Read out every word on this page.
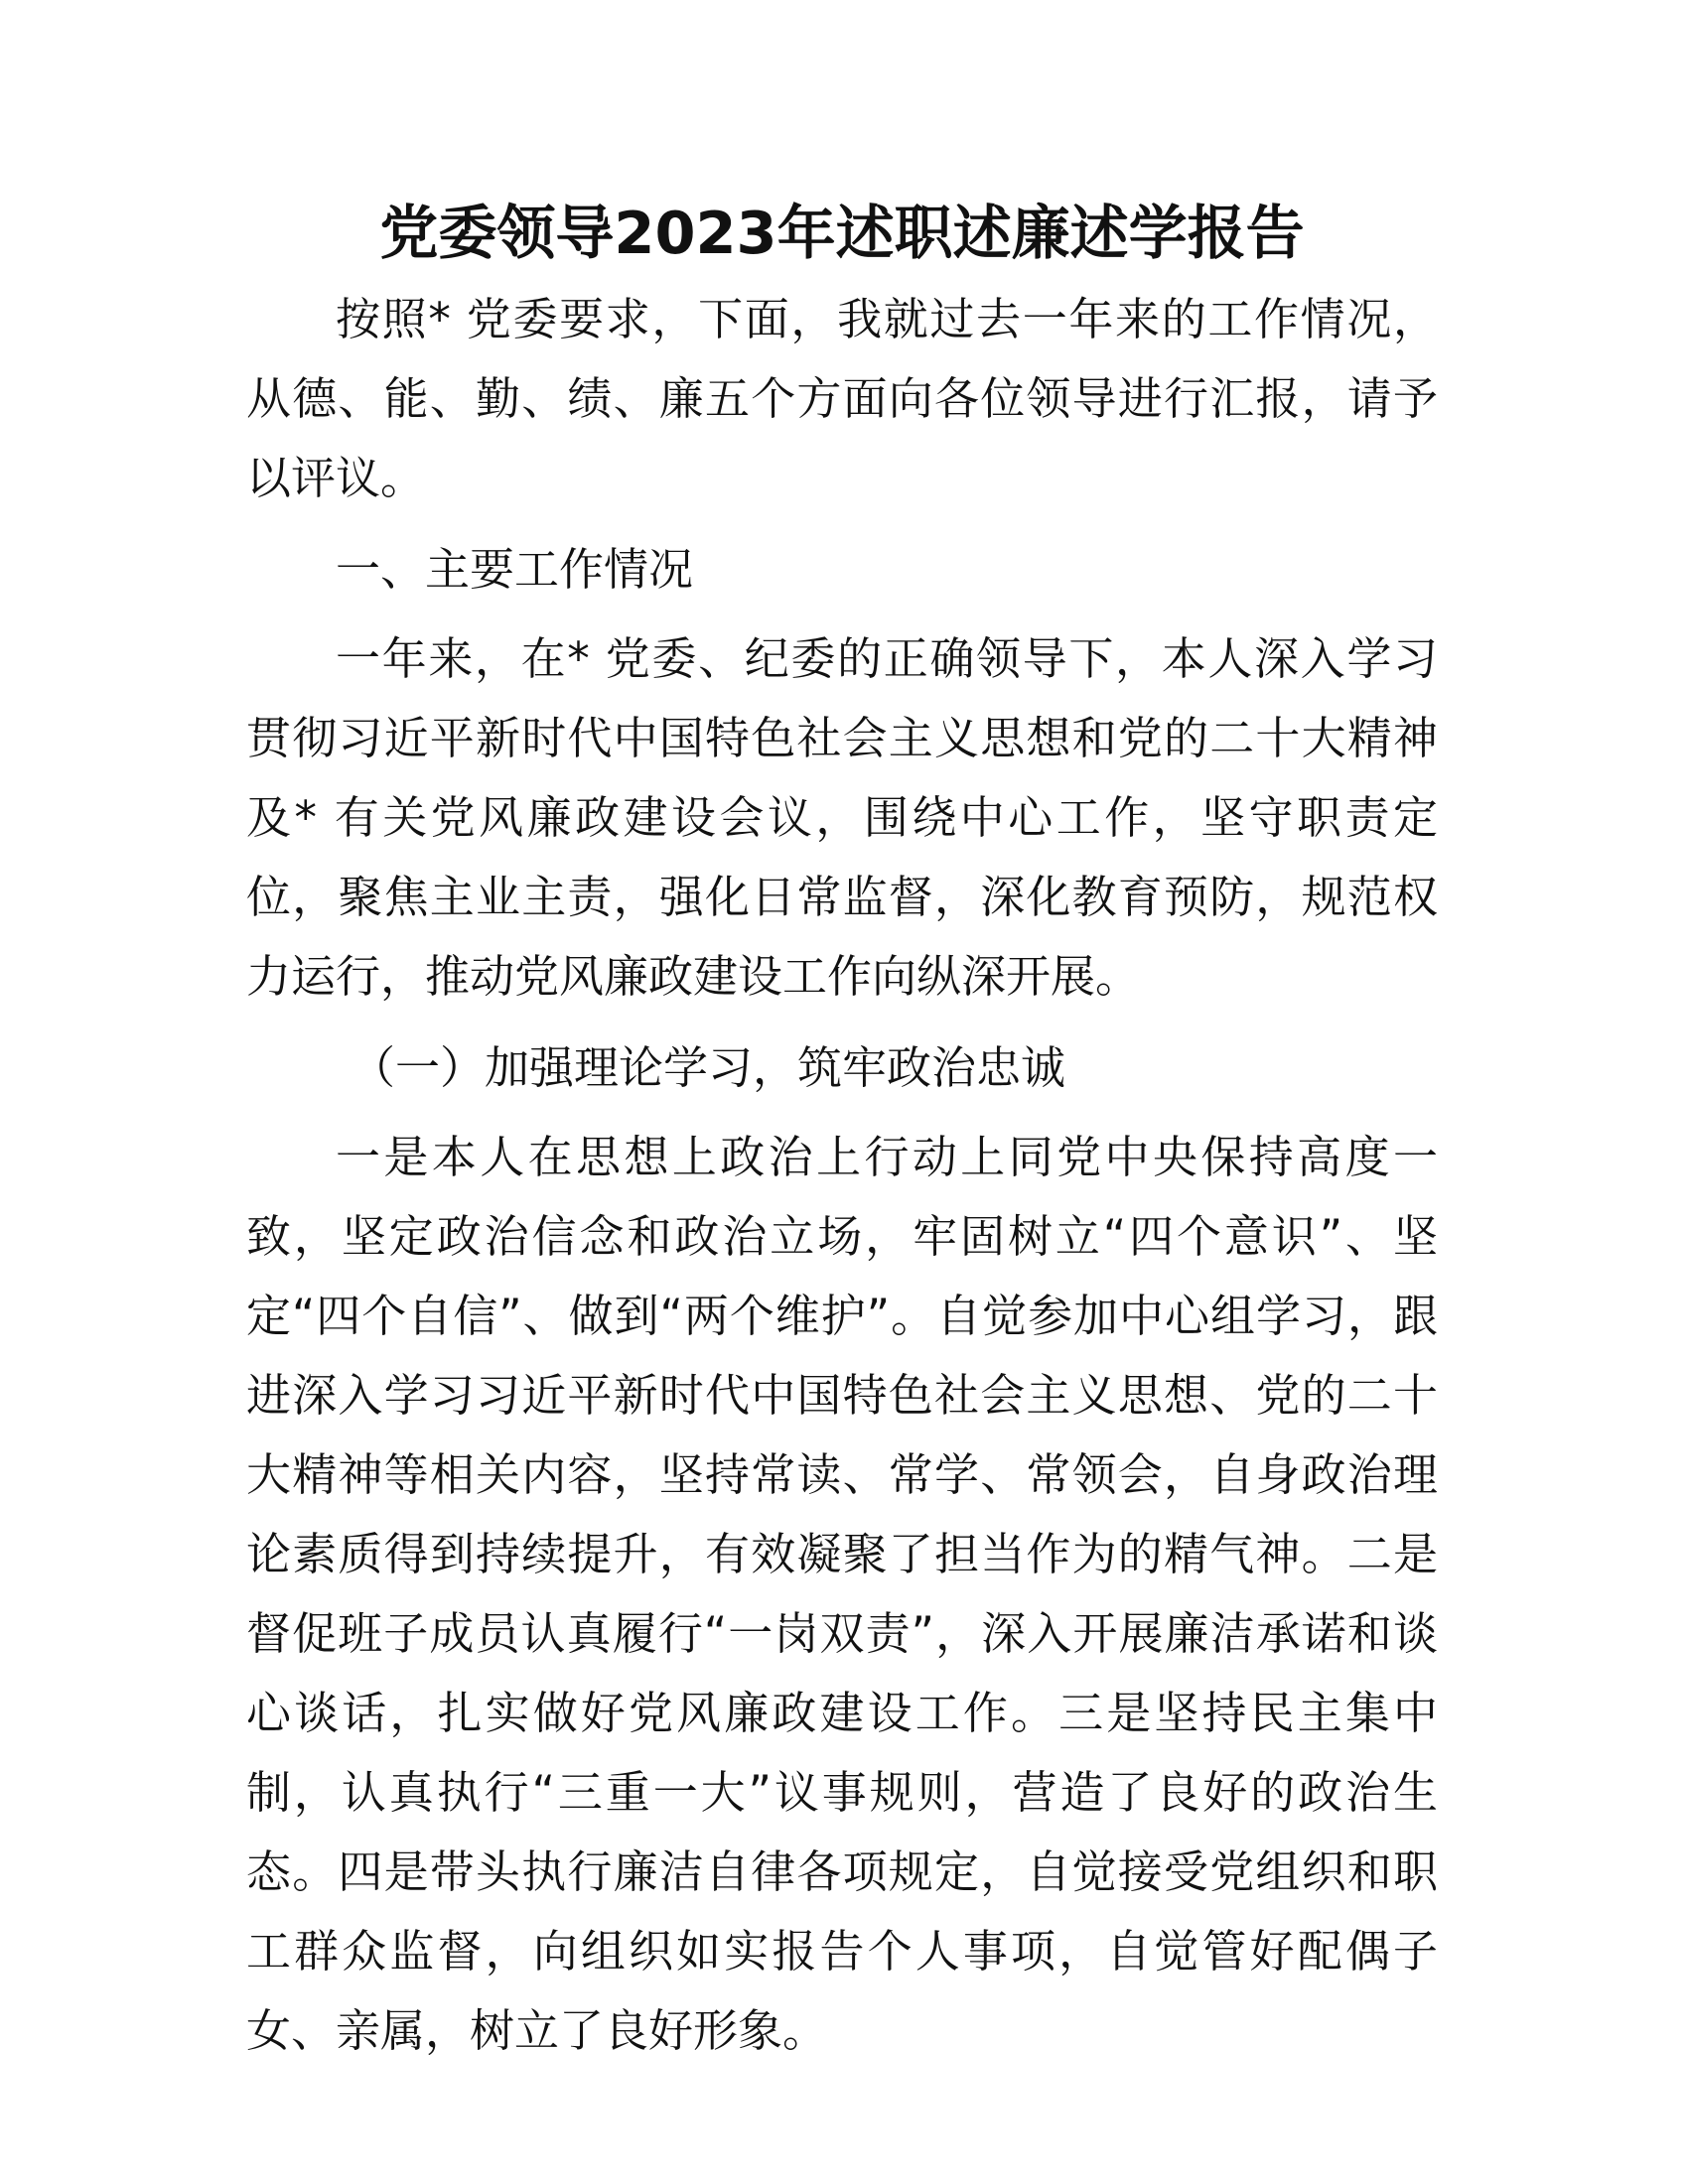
党委领导2023年述职述廉述学报告

按照* 党委要求，下面，我就过去一年来的工作情况，从德、能、勤、绩、廉五个方面向各位领导进行汇报，请予以评议。

一、主要工作情况

一年来，在* 党委、纪委的正确领导下，本人深入学习贯彻习近平新时代中国特色社会主义思想和党的二十大精神及* 有关党风廉政建设会议，围绕中心工作，坚守职责定位，聚焦主业主责，强化日常监督，深化教育预防，规范权力运行，推动党风廉政建设工作向纵深开展。

（一）加强理论学习，筑牢政治忠诚

一是本人在思想上政治上行动上同党中央保持高度一致，坚定政治信念和政治立场，牢固树立“四个意识”、坚定“四个自信”、做到“两个维护”。自觉参加中心组学习，跟进深入学习习近平新时代中国特色社会主义思想、党的二十大精神等相关内容，坚持常读、常学、常领会，自身政治理论素质得到持续提升，有效凝聚了担当作为的精气神。二是督促班子成员认真履行“一岗双责”，深入开展廉洁承诺和谈心谈话，扎实做好党风廉政建设工作。三是坚持民主集中制，认真执行“三重一大”议事规则，营造了良好的政治生态。四是带头执行廉洁自律各项规定，自觉接受党组织和职工群众监督，向组织如实报告个人事项，自觉管好配偶子女、亲属，树立了良好形象。
